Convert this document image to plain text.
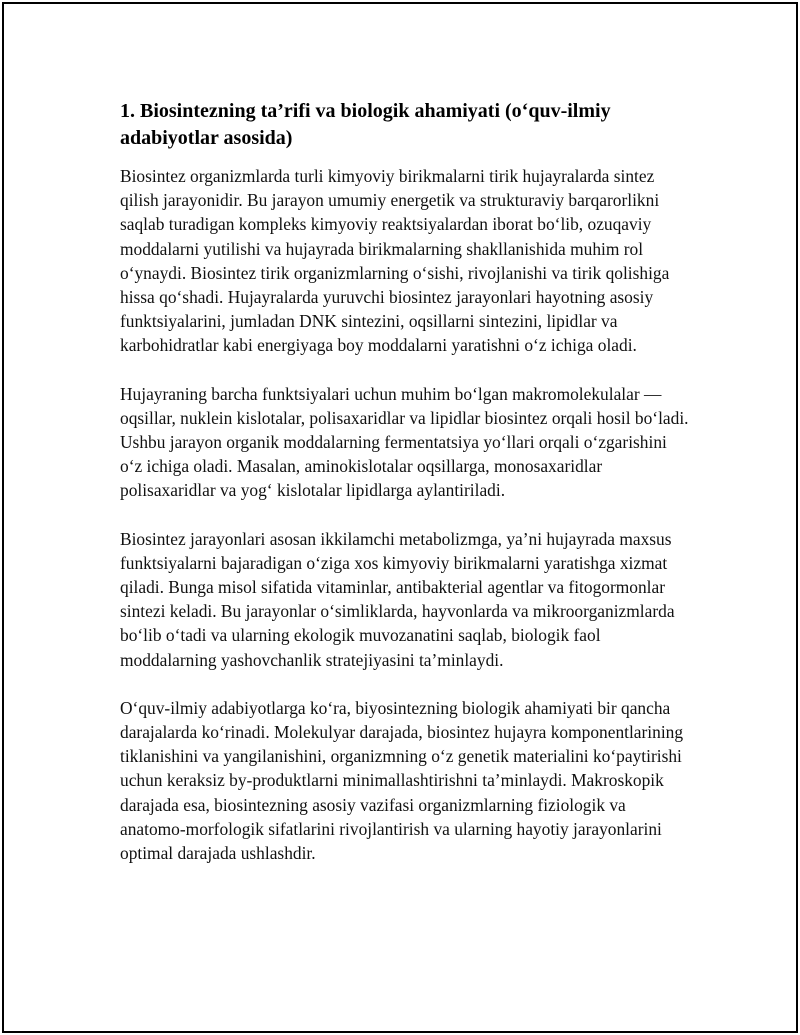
1. Biosintezning ta’rifi va biologik ahamiyati (o‘quv-ilmiy adabiyotlar asosida)

Biosintez organizmlarda turli kimyoviy birikmalarni tirik hujayralarda sintez qilish jarayonidir. Bu jarayon umumiy energetik va strukturaviy barqarorlikni saqlab turadigan kompleks kimyoviy reaktsiyalardan iborat bo‘lib, ozuqaviy moddalarni yutilishi va hujayrada birikmalarning shakllanishida muhim rol o‘ynaydi. Biosintez tirik organizmlarning o‘sishi, rivojlanishi va tirik qolishiga hissa qo‘shadi. Hujayralarda yuruvchi biosintez jarayonlari hayotning asosiy funktsiyalarini, jumladan DNK sintezini, oqsillarni sintezini, lipidlar va karbohidratlar kabi energiyaga boy moddalarni yaratishni o‘z ichiga oladi.

Hujayraning barcha funktsiyalari uchun muhim bo‘lgan makromolekulalar — oqsillar, nuklein kislotalar, polisaxaridlar va lipidlar biosintez orqali hosil bo‘ladi. Ushbu jarayon organik moddalarning fermentatsiya yo‘llari orqali o‘zgarishini o‘z ichiga oladi. Masalan, aminokislotalar oqsillarga, monosaxaridlar polisaxaridlar va yog‘ kislotalar lipidlarga aylantiriladi.

Biosintez jarayonlari asosan ikkilamchi metabolizmga, ya’ni hujayrada maxsus funktsiyalarni bajaradigan o‘ziga xos kimyoviy birikmalarni yaratishga xizmat qiladi. Bunga misol sifatida vitaminlar, antibakterial agentlar va fitogormonlar sintezi keladi. Bu jarayonlar o‘simliklarda, hayvonlarda va mikroorganizmlarda bo‘lib o‘tadi va ularning ekologik muvozanatini saqlab, biologik faol moddalarning yashovchanlik stratejiyasini ta’minlaydi.

O‘quv-ilmiy adabiyotlarga ko‘ra, biyosintezning biologik ahamiyati bir qancha darajalarda ko‘rinadi. Molekulyar darajada, biosintez hujayra komponentlarining tiklanishini va yangilanishini, organizmning o‘z genetik materialini ko‘paytirishi uchun keraksiz by-produktlarni minimallashtirishni ta’minlaydi. Makroskopik darajada esa, biosintezning asosiy vazifasi organizmlarning fiziologik va anatomo-morfologik sifatlarini rivojlantirish va ularning hayotiy jarayonlarini optimal darajada ushlashdir.
